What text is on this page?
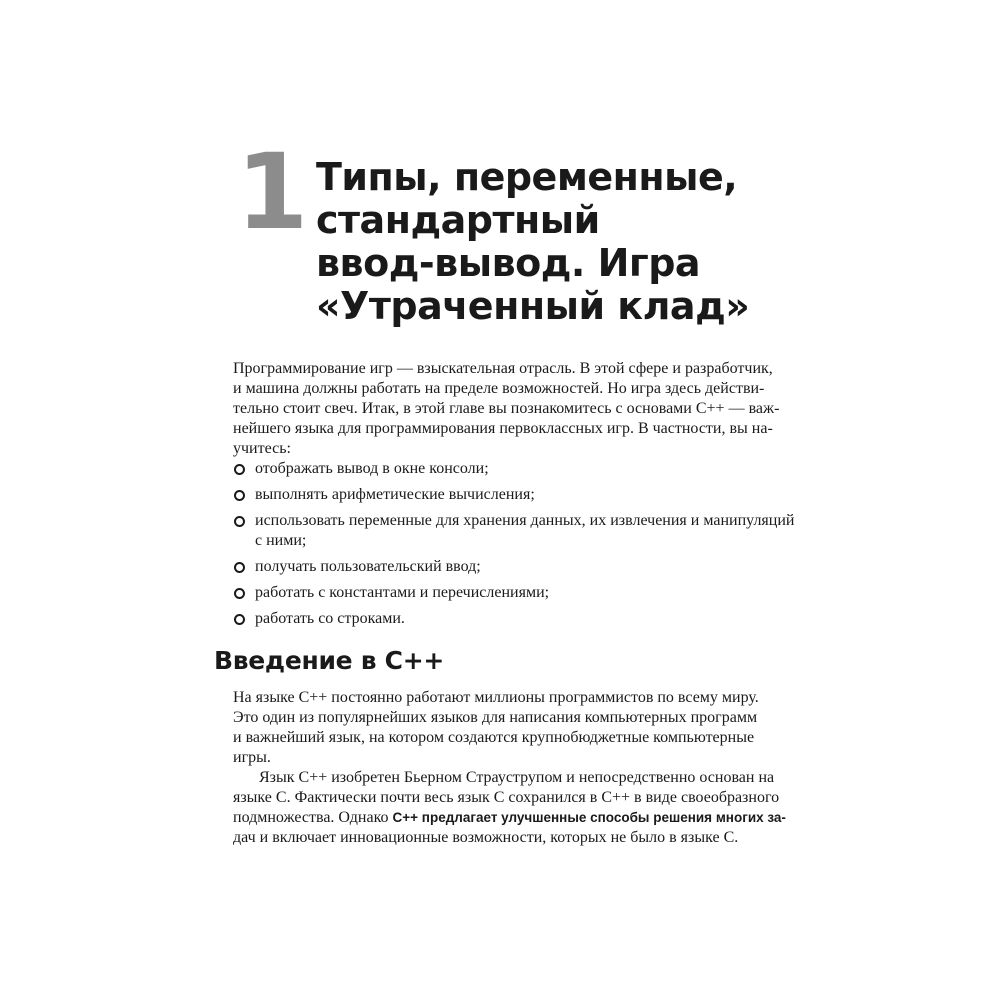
1 Типы, переменные,
стандартный
ввод-вывод. Игра
«Утраченный клад»

Программирование игр — взыскательная отрасль. В этой сфере и разработчик,
и машина должны работать на пределе возможностей. Но игра здесь действи-
тельно стоит свеч. Итак, в этой главе вы познакомитесь с основами C++ — важ-
нейшего языка для программирования первоклассных игр. В частности, вы на-
учитесь:

отображать вывод в окне консоли;
выполнять арифметические вычисления;
использовать переменные для хранения данных, их извлечения и манипуляций
с ними;
получать пользовательский ввод;
работать с константами и перечислениями;
работать со строками.
Введение в C++

На языке C++ постоянно работают миллионы программистов по всему миру.
Это один из популярнейших языков для написания компьютерных программ
и важнейший язык, на котором создаются крупнобюджетные компьютерные
игры.

Язык C++ изобретен Бьерном Страуструпом и непосредственно основан на
языке C. Фактически почти весь язык C сохранился в C++ в виде своеобразного
подмножества. Однако C++ предлагает улучшенные способы решения многих за-
дач и включает инновационные возможности, которых не было в языке C.
